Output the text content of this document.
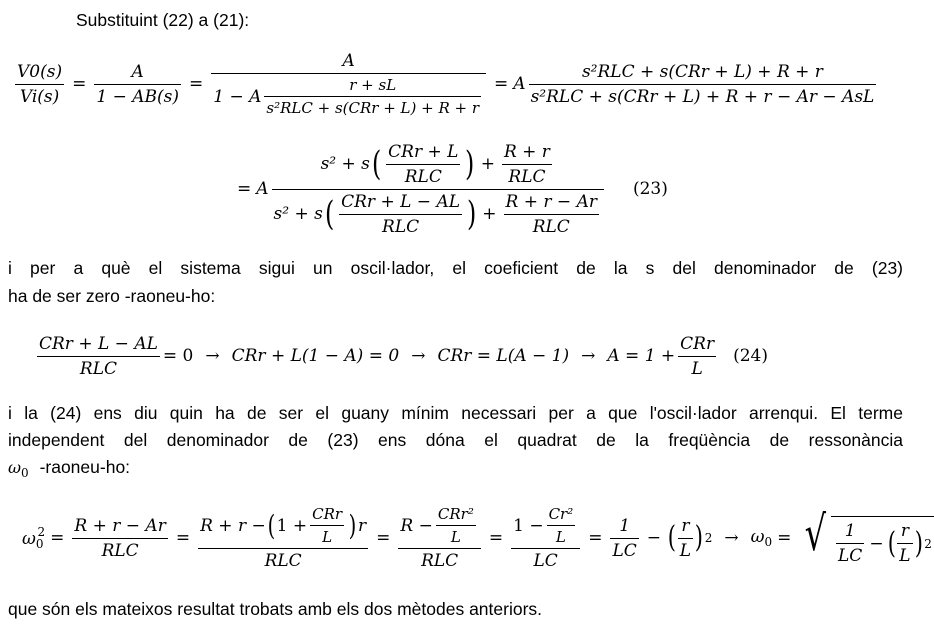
Substituint (22) a (21):
$\frac{V0(s)}{Vi(s)} = \frac{A}{1 - AB(s)}$ =
A
1 − A $\frac{r + sL}{\text{s²RLC + s(CRr + L) + R + r}} = A \frac{\text{s²RLC + s(CRr + L) + R + r}}{\text{s²RLC + s(CRr + L) + R + r − Ar − AsL}}$
= A
s² + s ( $\frac{\text{CRr + L}}{\text{RLC}}$ ) + $\frac{R + r}{\text{RLC}}$
s² + s ( $\frac{\text{CRr + L − AL}}{\text{RLC}}$ ) + $\frac{R + r - Ar}{\text{RLC}}$
(23)
i per a què el sistema sigui un oscil·lador, el coeficient de la s del denominador de (23)
ha de ser zero -raoneu-ho:
$\frac{\text{CRr + L − AL}}{\text{RLC}} = 0$ → CRr + L(1 − A) = 0 → CRr = $L(A - 1) \to A = 1 + \frac{\text{CRr}}{L}$	(24)
i la (24) ens diu quin ha de ser el guany mínim necessari per a que l'oscil·lador arrenqui. El terme
independent del denominador de (23) ens dóna el quadrat de la freqüència de ressonància
$\omega_0$ -raoneu-ho:
$\omega_0^2 = \frac{R + r - Ar}{\text{RLC}}$ =
R + r − ( $1 + \frac{\text{CRr}}{L}$ ) r
RLC
= $\frac{R - \frac{\text{CRr²}}{L}}{\text{RLC}} = \frac{1 - \frac{\text{Cr²}}{L}}{LC} = \frac{1}{LC}$ − ( $\frac{r}{L}$ ) $2 \to \omega_0$ = √ $\frac{1}{LC}$ − ( $\frac{r}{L}$ ) 2
que són els mateixos resultat trobats amb els dos mètodes anteriors.
